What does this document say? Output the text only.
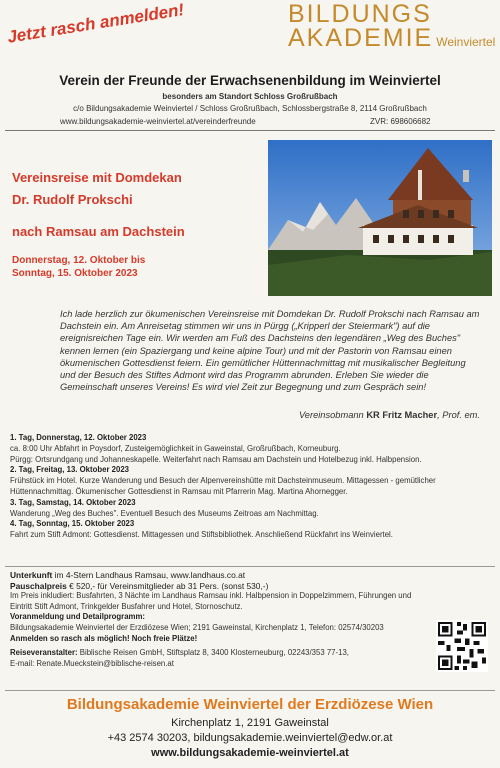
Jetzt rasch anmelden!	BILDUNGS
AKADEMIE Weinviertel
Verein der Freunde der Erwachsenenbildung im Weinviertel
besonders am Standort Schloss Großrußbach
c/o Bildungsakademie Weinviertel / Schloss Großrußbach, Schlossbergstraße 8, 2114 Großrußbach
www.bildungsakademie-weinviertel.at/vereinderfreunde	ZVR: 698606682
Vereinsreise mit Domdekan
Dr. Rudolf Prokschi
nach Ramsau am Dachstein
Donnerstag, 12. Oktober bis
Sonntag, 15. Oktober 2023
Ich lade herzlich zur ökumenischen Vereinsreise mit Domdekan Dr. Rudolf Prokschi nach Ramsau am Dachstein ein. Am Anreisetag stimmen wir uns in Pürgg („Kripperl der Steiermark") auf die ereignisreichen Tage ein. Wir werden am Fuß des Dachsteins den legendären „Weg des Buches" kennen lernen (ein Spaziergang und keine alpine Tour) und mit der Pastorin von Ramsau einen ökumenischen Gottesdienst feiern. Ein gemütlicher Hüttennachmittag mit musikalischer Begleitung und der Besuch des Stiftes Admont wird das Programm abrunden. Erleben Sie wieder die Gemeinschaft unseres Vereins! Es wird viel Zeit zur Begegnung und zum Gespräch sein!
Vereinsobmann KR Fritz Macher, Prof. em.
1. Tag, Donnerstag, 12. Oktober 2023
ca. 8:00 Uhr Abfahrt in Poysdorf, Zusteigemöglichkeit in Gaweinstal, Großrußbach, Korneuburg.
Pürgg: Ortsrundgang und Johanneskapelle. Weiterfahrt nach Ramsau am Dachstein und Hotelbezug inkl. Halbpension.
2. Tag, Freitag, 13. Oktober 2023
Frühstück im Hotel. Kurze Wanderung und Besuch der Alpenvereinshütte mit Dachsteinmuseum. Mittagessen - gemütlicher Hüttennachmittag. Ökumenischer Gottesdienst in Ramsau mit Pfarrerin Mag. Martina Ahornegger.
3. Tag, Samstag, 14. Oktober 2023
Wanderung „Weg des Buches". Eventuell Besuch des Museums Zeitroas am Nachmittag.
4. Tag, Sonntag, 15. Oktober 2023
Fahrt zum Stift Admont: Gottesdienst. Mittagessen und Stiftsbibliothek. Anschließend Rückfahrt ins Weinviertel.
Unterkunft im 4-Stern Landhaus Ramsau, www.landhaus.co.at
Pauschalpreis € 520,- für Vereinsmitglieder ab 31 Pers. (sonst 530,-)
Im Preis inkludiert: Busfahrten, 3 Nächte im Landhaus Ramsau inkl. Halbpension in Doppelzimmern, Führungen und Eintritt Stift Admont, Trinkgelder Busfahrer und Hotel, Stornoschutz.
Voranmeldung und Detailprogramm:
Bildungsakademie Weinviertel der Erzdiözese Wien; 2191 Gaweinstal, Kirchenplatz 1, Telefon: 02574/30203
Anmelden so rasch als möglich! Noch freie Plätze!
Reiseveranstalter: Biblische Reisen GmbH, Stiftsplatz 8, 3400 Klosterneuburg, 02243/353 77-13,
E-mail: Renate.Mueckstein@biblische-reisen.at
Bildungsakademie Weinviertel der Erzdiözese Wien
Kirchenplatz 1, 2191 Gaweinstal
+43 2574 30203, bildungsakademie.weinviertel@edw.or.at
www.bildungsakademie-weinviertel.at
